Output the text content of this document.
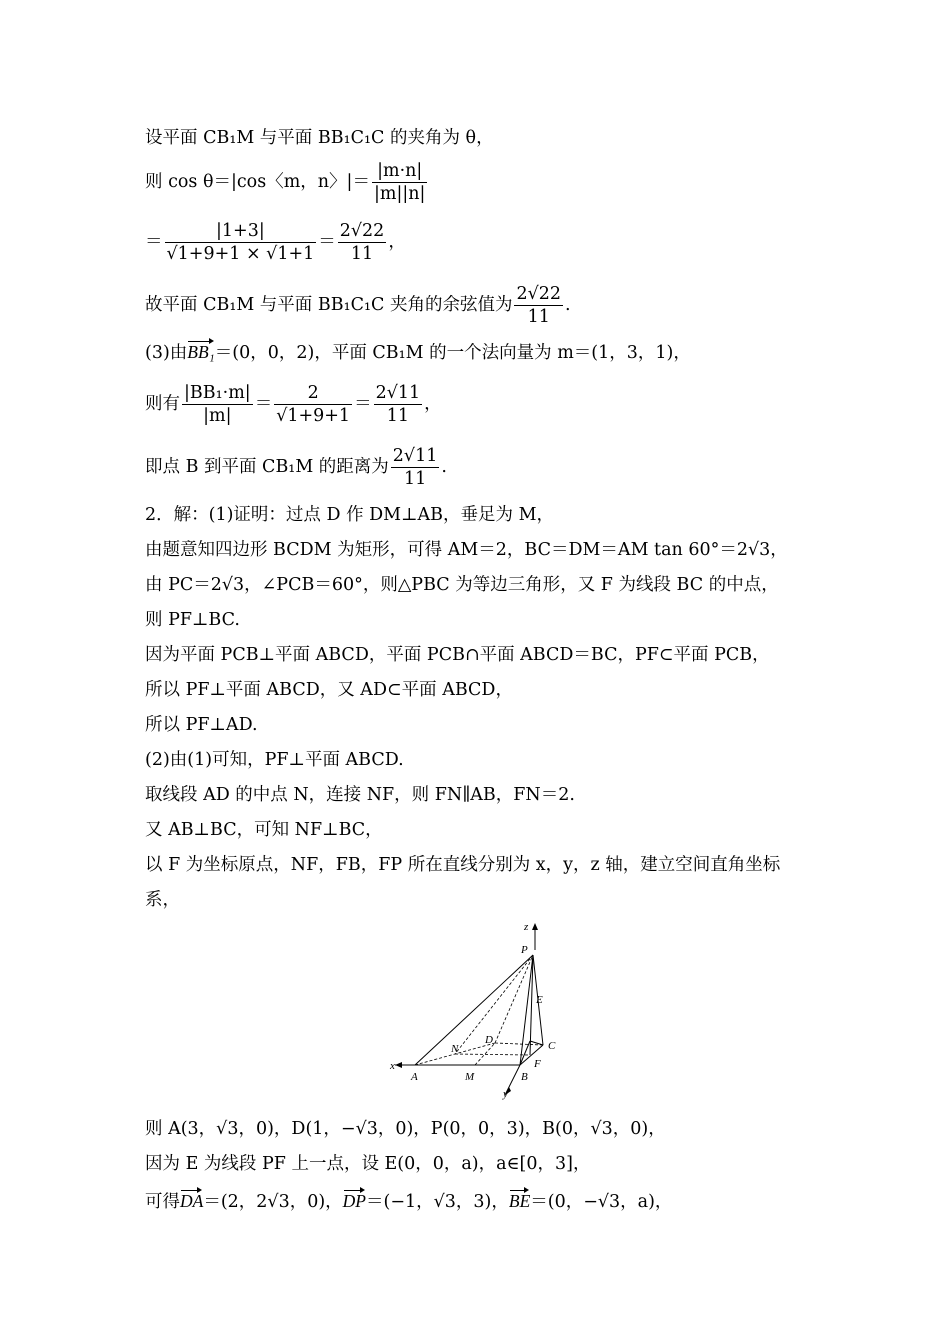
设平面 CB₁M 与平面 BB₁C₁C 的夹角为 θ，
则 cos θ＝|cos〈m，n〉|＝ $\frac{|m\cdot n|}{|m||n|}$
＝ $\frac{|1+3|}{√1+9+1 \times √1+1} = \frac{2√22}{11}$ ，
故平面 CB₁M 与平面 BB₁C₁C 夹角的余弦值为 $\frac{2√22}{11}$ .
(3)由BB₁＝(0，0，2)，平面 CB₁M 的一个法向量为 m＝(1，3，1)，
则有 $\frac{\text{|BB₁·m|}}{|m|} = \frac{2}{√1+9+1} = \frac{2√11}{11}$ ，
即点 B 到平面 CB₁M 的距离为 $\frac{2√11}{11}$ .
2．解：(1)证明：过点 D 作 DM⊥AB，垂足为 M，
由题意知四边形 BCDM 为矩形，可得 AM＝2，BC＝DM＝AM tan 60°＝2√3，
由 PC＝2√3，∠PCB＝60°，则△PBC 为等边三角形，又 F 为线段 BC 的中点，
则 PF⊥BC.
因为平面 PCB⊥平面 ABCD，平面 PCB∩平面 ABCD＝BC，PF⊂平面 PCB，
所以 PF⊥平面 ABCD，又 AD⊂平面 ABCD，
所以 PF⊥AD.
(2)由(1)可知，PF⊥平面 ABCD.
取线段 AD 的中点 N，连接 NF，则 FN∥AB，FN＝2.
又 AB⊥BC，可知 NF⊥BC，
以 F 为坐标原点，NF，FB，FP 所在直线分别为 x，y，z 轴，建立空间直角坐标
系，
z
P
E
D
N	C
F
x
A	M	B
y
则 A(3，√3，0)，D(1，−√3，0)，P(0，0，3)，B(0，√3，0)，
因为 E 为线段 PF 上一点，设 E(0，0，a)，a∈[0，3]，
可得DA＝(2，2√3，0)，DP＝(−1，√3，3)，BE＝(0，−√3，a)，
